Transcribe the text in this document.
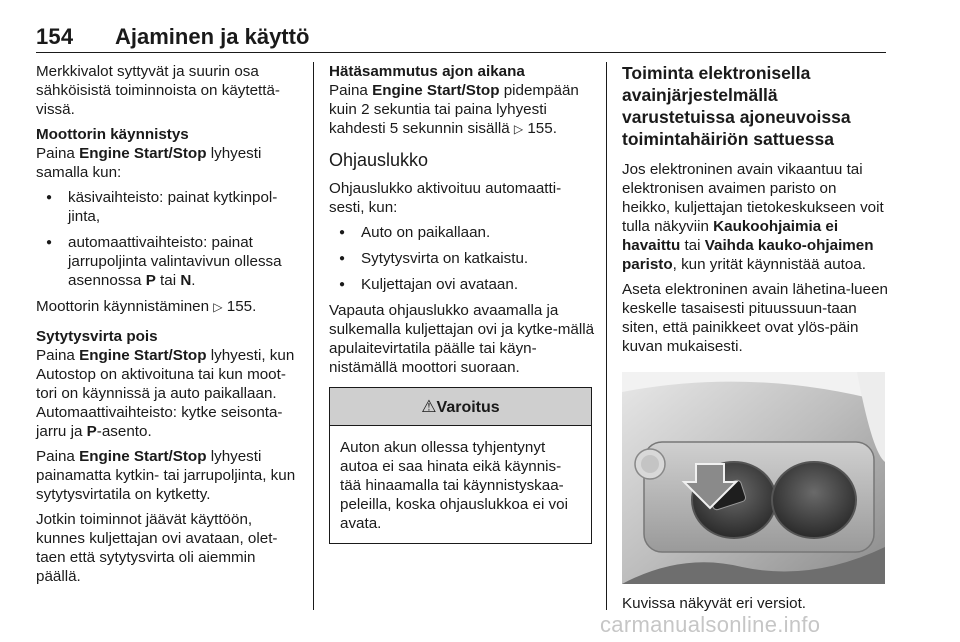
154 Ajaminen ja käyttö

Merkkivalot syttyvät ja suurin osa sähköisistä toiminnoista on käytettä-vissä.

Moottorin käynnistys

Paina Engine Start/Stop lyhyesti samalla kun:

● käsivaihteisto: painat kytkinpol-jinta,
● automaattivaihteisto: painat jarrupoljinta valintavivun ollessa asennossa P tai N.

Moottorin käynnistäminen ▷ 155.

Sytytysvirta pois

Paina Engine Start/Stop lyhyesti, kun Autostop on aktivoituna tai kun moot-tori on käynnissä ja auto paikallaan. Automaattivaihteisto: kytke seisonta-jarru ja P-asento.

Paina Engine Start/Stop lyhyesti painamatta kytkin- tai jarrupoljinta, kun sytytysvirtatila on kytketty.

Jotkin toiminnot jäävät käyttöön, kunnes kuljettajan ovi avataan, olet-taen että sytytysvirta oli aiemmin päällä.

Hätäsammutus ajon aikana

Paina Engine Start/Stop pidempään kuin 2 sekuntia tai paina lyhyesti kahdesti 5 sekunnin sisällä ▷ 155.

Ohjauslukko

Ohjauslukko aktivoituu automaatti-sesti, kun:

● Auto on paikallaan.
● Sytytysvirta on katkaistu.
● Kuljettajan ovi avataan.

Vapauta ohjauslukko avaamalla ja sulkemalla kuljettajan ovi ja kytke-mällä apulaitevirtatila päälle tai käyn-nistämällä moottori suoraan.

⚠Varoitus
Auton akun ollessa tyhjentynyt autoa ei saa hinata eikä käynnis-tää hinaamalla tai käynnistyskaa-peleilla, koska ohjauslukkoa ei voi avata.
Toiminta elektronisella avainjärjestelmällä varustetuissa ajoneuvoissa toimintahäiriön sattuessa

Jos elektroninen avain vikaantuu tai elektronisen avaimen paristo on heikko, kuljettajan tietokeskukseen voit tulla näkyviin Kaukoohjaimia ei havaittu tai Vaihda kauko-ohjaimen paristo, kun yrität käynnistää autoa.

Aseta elektroninen avain lähetina-lueen keskelle tasaisesti pituussuun-taan siten, että painikkeet ovat ylös-päin kuvan mukaisesti.

Kuvissa näkyvät eri versiot.

carmanualsonline.info
